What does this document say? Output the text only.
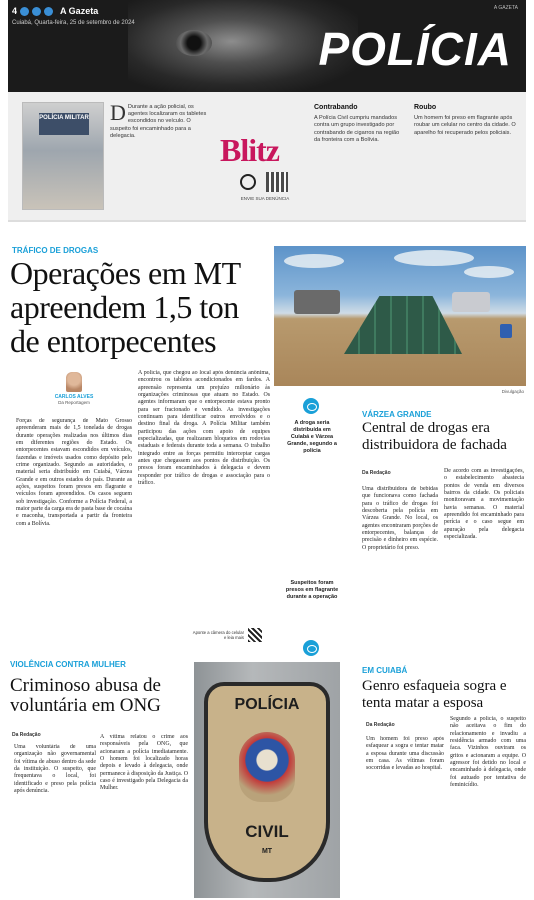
4	A Gazeta
Cuiabá, Quarta-feira, 25 de setembro de 2024
A GAZETA
POLÍCIA
POLÍCIA MILITAR D Durante a ação policial, os agentes localizaram os tabletes escondidos no veículo. O suspeito foi encaminhado para a delegacia.	Blitz
ENVIE SUA DENÚNCIA
Contrabando
A Polícia Civil cumpriu mandados contra um grupo investigado por contrabando de cigarros na região da fronteira com a Bolívia.
Roubo
Um homem foi preso em flagrante após roubar um celular no centro da cidade. O aparelho foi recuperado pelos policiais.
TRÁFICO DE DROGAS
Operações em MT apreendem 1,5 ton de entorpecentes
Divulgação
CARLOS ALVES
Da Reportagem
Forças de segurança de Mato Grosso apreenderam mais de 1,5 tonelada de drogas durante operações realizadas nos últimos dias em diferentes regiões do Estado. Os entorpecentes estavam escondidos em veículos, fazendas e imóveis usados como depósito pelo crime organizado. Segundo as autoridades, o material seria distribuído em Cuiabá, Várzea Grande e em outros estados do país. Durante as ações, suspeitos foram presos em flagrante e veículos foram apreendidos. Os casos seguem sob investigação. Conforme a Polícia Federal, a maior parte da carga era de pasta base de cocaína e maconha, transportada a partir da fronteira com a Bolívia.
A polícia, que chegou ao local após denúncia anônima, encontrou os tabletes acondicionados em fardos. A apreensão representa um prejuízo milionário às organizações criminosas que atuam no Estado. Os agentes informaram que o entorpecente estava pronto para ser fracionado e vendido. As investigações continuam para identificar outros envolvidos e o destino final da droga. A Polícia Militar também participou das ações com apoio de equipes especializadas, que realizaram bloqueios em rodovias estaduais e federais durante toda a semana. O trabalho integrado entre as forças permitiu interceptar cargas antes que chegassem aos pontos de distribuição. Os presos foram encaminhados à delegacia e devem responder por tráfico de drogas e associação para o tráfico.
Aponte a câmera do celular e leia mais
A droga seria distribuída em Cuiabá e Várzea Grande, segundo a polícia
Suspeitos foram presos em flagrante durante a operação
VÁRZEA GRANDE
Central de drogas era distribuidora de fachada
Da Redação
Uma distribuidora de bebidas que funcionava como fachada para o tráfico de drogas foi descoberta pela polícia em Várzea Grande. No local, os agentes encontraram porções de entorpecentes, balanças de precisão e dinheiro em espécie. O proprietário foi preso.
De acordo com as investigações, o estabelecimento abastecia pontos de venda em diversos bairros da cidade. Os policiais monitoravam a movimentação havia semanas. O material apreendido foi encaminhado para perícia e o caso segue em apuração pela delegacia especializada.
VIOLÊNCIA CONTRA MULHER
Criminoso abusa de voluntária em ONG
Da Redação
Uma voluntária de uma organização não governamental foi vítima de abuso dentro da sede da instituição. O suspeito, que frequentava o local, foi identificado e preso pela polícia após denúncia.
A vítima relatou o crime aos responsáveis pela ONG, que acionaram a polícia imediatamente. O homem foi localizado horas depois e levado à delegacia, onde permanece à disposição da Justiça. O caso é investigado pela Delegacia da Mulher.
POLÍCIA
CIVIL
MT
EM CUIABÁ
Genro esfaqueia sogra e tenta matar a esposa
Da Redação
Um homem foi preso após esfaquear a sogra e tentar matar a esposa durante uma discussão em casa. As vítimas foram socorridas e levadas ao hospital.
Segundo a polícia, o suspeito não aceitava o fim do relacionamento e invadiu a residência armado com uma faca. Vizinhos ouviram os gritos e acionaram a equipe. O agressor foi detido no local e encaminhado à delegacia, onde foi autuado por tentativa de feminicídio.
